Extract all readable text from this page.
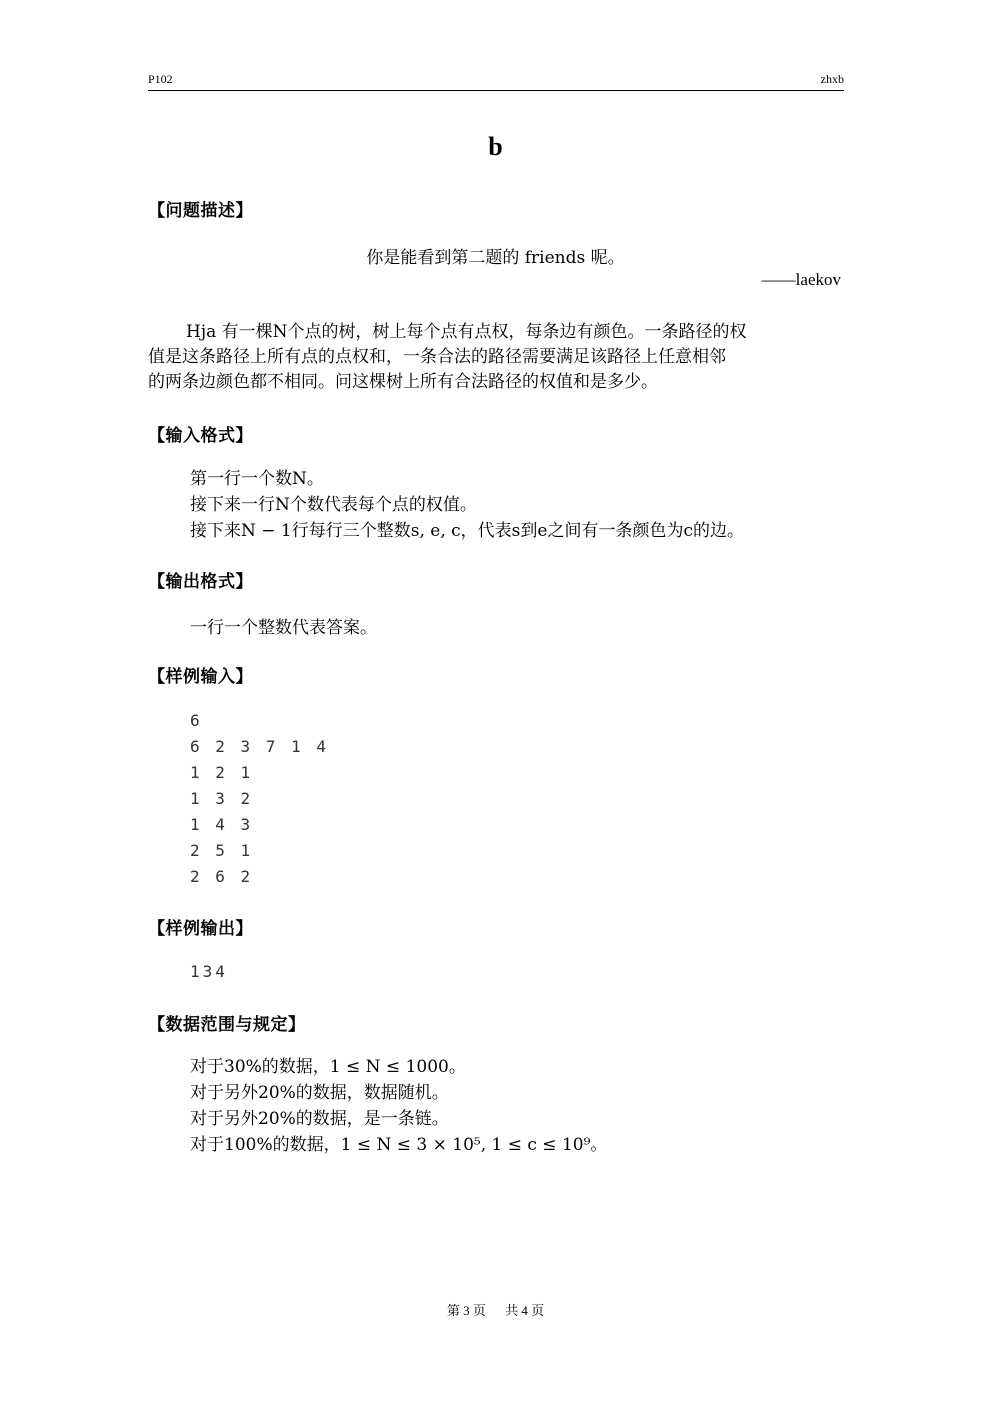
P102	zhxb
b
【问题描述】
你是能看到第二题的 friends 呢。
——laekov
Hja 有一棵N个点的树，树上每个点有点权，每条边有颜色。一条路径的权
值是这条路径上所有点的点权和，一条合法的路径需要满足该路径上任意相邻
的两条边颜色都不相同。问这棵树上所有合法路径的权值和是多少。
【输入格式】
第一行一个数N。
接下来一行N个数代表每个点的权值。
接下来N − 1行每行三个整数s, e, c，代表s到e之间有一条颜色为c的边。
【输出格式】
一行一个整数代表答案。
【样例输入】
6
6 2 3 7 1 4
1 2 1
1 3 2
1 4 3
2 5 1
2 6 2
【样例输出】
134
【数据范围与规定】
对于30%的数据，1 ≤ N ≤ 1000。
对于另外20%的数据，数据随机。
对于另外20%的数据，是一条链。
对于100%的数据，1 ≤ N ≤ 3 × 10⁵, 1 ≤ c ≤ 10⁹。
第 3 页 共 4 页
